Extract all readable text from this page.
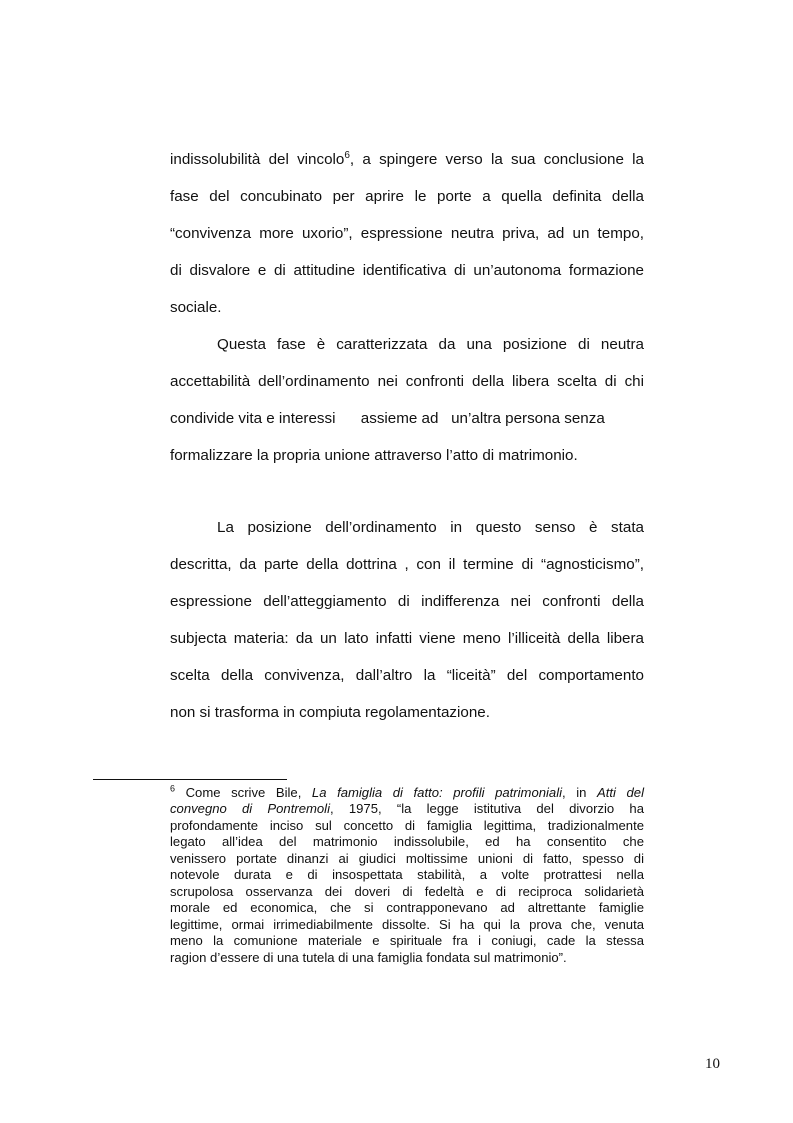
indissolubilità del vincolo$^6$, a spingere verso la sua conclusione la
fase del concubinato per aprire le porte a quella definita della
“convivenza more uxorio”, espressione neutra priva, ad un tempo,
di disvalore e di attitudine identificativa di un’autonoma formazione
sociale.
Questa fase è caratterizzata da una posizione di neutra
accettabilità dell’ordinamento nei confronti della libera scelta di chi
condivide vita e interessi      assieme ad   un’altra persona senza
formalizzare la propria unione attraverso l’atto di matrimonio.
La posizione dell’ordinamento in questo senso è stata
descritta, da parte della dottrina , con il termine di “agnosticismo”,
espressione dell’atteggiamento di indifferenza nei confronti della
subjecta materia: da un lato infatti viene meno l’illiceità della libera
scelta della convivenza, dall’altro la “liceità” del comportamento
non si trasforma in compiuta regolamentazione.
$^6$ Come scrive Bile, La famiglia di fatto: profili patrimoniali, in Atti del
convegno di Pontremoli, 1975, “la legge istitutiva del divorzio ha
profondamente inciso sul concetto di famiglia legittima, tradizionalmente
legato all’idea del matrimonio indissolubile, ed ha consentito che
venissero portate dinanzi ai giudici moltissime unioni di fatto, spesso di
notevole durata e di insospettata stabilità, a volte protrattesi nella
scrupolosa osservanza dei doveri di fedeltà e di reciproca solidarietà
morale ed economica, che si contrapponevano ad altrettante famiglie
legittime, ormai irrimediabilmente dissolte. Si ha qui la prova che, venuta
meno la comunione materiale e spirituale fra i coniugi, cade la stessa
ragion d’essere di una tutela di una famiglia fondata sul matrimonio”.
10
